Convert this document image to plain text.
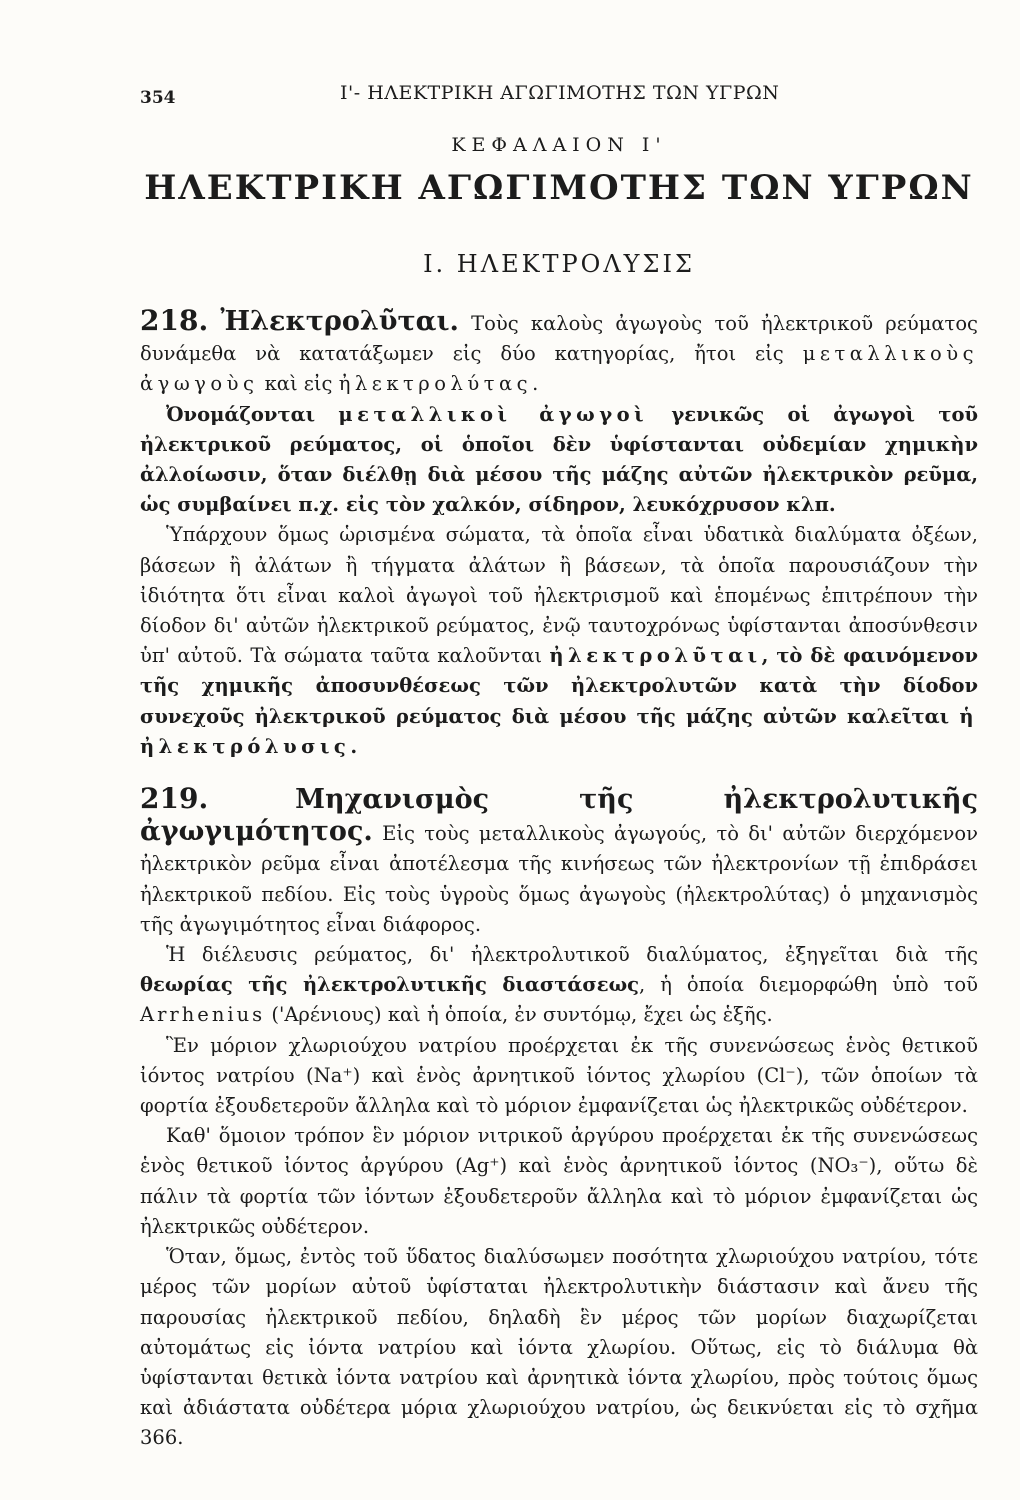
354	Ι'- ΗΛΕΚΤΡΙΚΗ ΑΓΩΓΙΜΟΤΗΣ ΤΩΝ ΥΓΡΩΝ
ΚΕΦΑΛΑΙΟΝ Ι'
ΗΛΕΚΤΡΙΚΗ ΑΓΩΓΙΜΟΤΗΣ ΤΩΝ ΥΓΡΩΝ
I. ΗΛΕΚΤΡΟΛΥΣΙΣ

218. Ἠλεκτρολῦται. Τοὺς καλοὺς ἀγωγοὺς τοῦ ἠλεκτρικοῦ ρεύματος δυνάμεθα νὰ κατατάξωμεν εἰς δύο κατηγορίας, ἤτοι εἰς μεταλλικοὺς ἀγωγοὺς καὶ εἰς ἠλεκτρολύτας.

Ὀνομάζονται μεταλλικοὶ ἀγωγοὶ γενικῶς οἱ ἀγωγοὶ τοῦ ἠλεκτρικοῦ ρεύματος, οἱ ὁποῖοι δὲν ὑφίστανται οὐδεμίαν χημικὴν ἀλλοίωσιν, ὅταν διέλθῃ διὰ μέσου τῆς μάζης αὐτῶν ἠλεκτρικὸν ρεῦμα, ὡς συμβαίνει π.χ. εἰς τὸν χαλκόν, σίδηρον, λευκόχρυσον κλπ.

Ὑπάρχουν ὅμως ὡρισμένα σώματα, τὰ ὁποῖα εἶναι ὑδατικὰ διαλύματα ὀξέων, βάσεων ἢ ἀλάτων ἢ τήγματα ἀλάτων ἢ βάσεων, τὰ ὁποῖα παρουσιάζουν τὴν ἰδιότητα ὅτι εἶναι καλοὶ ἀγωγοὶ τοῦ ἠλεκτρισμοῦ καὶ ἑπομένως ἐπιτρέπουν τὴν δίοδον δι' αὐτῶν ἠλεκτρικοῦ ρεύματος, ἐνῷ ταυτοχρόνως ὑφίστανται ἀποσύνθεσιν ὑπ' αὐτοῦ. Τὰ σώματα ταῦτα καλοῦνται ἠλεκτρολῦται, τὸ δὲ φαινόμενον τῆς χημικῆς ἀποσυνθέσεως τῶν ἠλεκτρολυτῶν κατὰ τὴν δίοδον συνεχοῦς ἠλεκτρικοῦ ρεύματος διὰ μέσου τῆς μάζης αὐτῶν καλεῖται ἡ ἠλεκτρόλυσις.

219.	Μηχανισμὸς τῆς ἠλεκτρολυτικῆς ἀγωγιμότητος. Εἰς τοὺς μεταλλικοὺς ἀγωγούς, τὸ δι' αὐτῶν διερχόμενον ἠλεκτρικὸν ρεῦμα εἶναι ἀποτέλεσμα τῆς κινήσεως τῶν ἠλεκτρονίων τῇ ἐπιδράσει ἠλεκτρικοῦ πεδίου. Εἰς τοὺς ὑγροὺς ὅμως ἀγωγοὺς (ἠλεκτρολύτας) ὁ μηχανισμὸς τῆς ἀγωγιμότητος εἶναι διάφορος.

Ἡ διέλευσις ρεύματος, δι' ἠλεκτρολυτικοῦ διαλύματος, ἐξηγεῖται διὰ τῆς θεωρίας τῆς ἠλεκτρολυτικῆς διαστάσεως, ἡ ὁποία διεμορφώθη ὑπὸ τοῦ Arrhenius ('Αρένιους) καὶ ἡ ὁποία, ἐν συντόμῳ, ἔχει ὡς ἑξῆς.

Ἓν μόριον χλωριούχου νατρίου προέρχεται ἐκ τῆς συνενώσεως ἑνὸς θετικοῦ ἰόντος νατρίου (Na⁺) καὶ ἑνὸς ἀρνητικοῦ ἰόντος χλωρίου (Cl⁻), τῶν ὁποίων τὰ φορτία ἐξουδετεροῦν ἄλληλα καὶ τὸ μόριον ἐμφανίζεται ὡς ἠλεκτρικῶς οὐδέτερον.

Καθ' ὅμοιον τρόπον ἓν μόριον νιτρικοῦ ἀργύρου προέρχεται ἐκ τῆς συνενώσεως ἑνὸς θετικοῦ ἰόντος ἀργύρου (Ag⁺) καὶ ἑνὸς ἀρνητικοῦ ἰόντος (NO₃⁻), οὕτω δὲ πάλιν τὰ φορτία τῶν ἰόντων ἐξουδετεροῦν ἄλληλα καὶ τὸ μόριον ἐμφανίζεται ὡς ἠλεκτρικῶς οὐδέτερον.

Ὅταν, ὅμως, ἐντὸς τοῦ ὕδατος διαλύσωμεν ποσότητα χλωριούχου νατρίου, τότε μέρος τῶν μορίων αὐτοῦ ὑφίσταται ἠλεκτρολυτικὴν διάστασιν καὶ ἄνευ τῆς παρουσίας ἠλεκτρικοῦ πεδίου, δηλαδὴ ἓν μέρος τῶν μορίων διαχωρίζεται αὐτομάτως εἰς ἰόντα νατρίου καὶ ἰόντα χλωρίου. Οὕτως, εἰς τὸ διάλυμα θὰ ὑφίστανται θετικὰ ἰόντα νατρίου καὶ ἀρνητικὰ ἰόντα χλωρίου, πρὸς τούτοις ὅμως καὶ ἀδιάστατα οὐδέτερα μόρια χλωριούχου νατρίου, ὡς δεικνύεται εἰς τὸ σχῆμα 366.
